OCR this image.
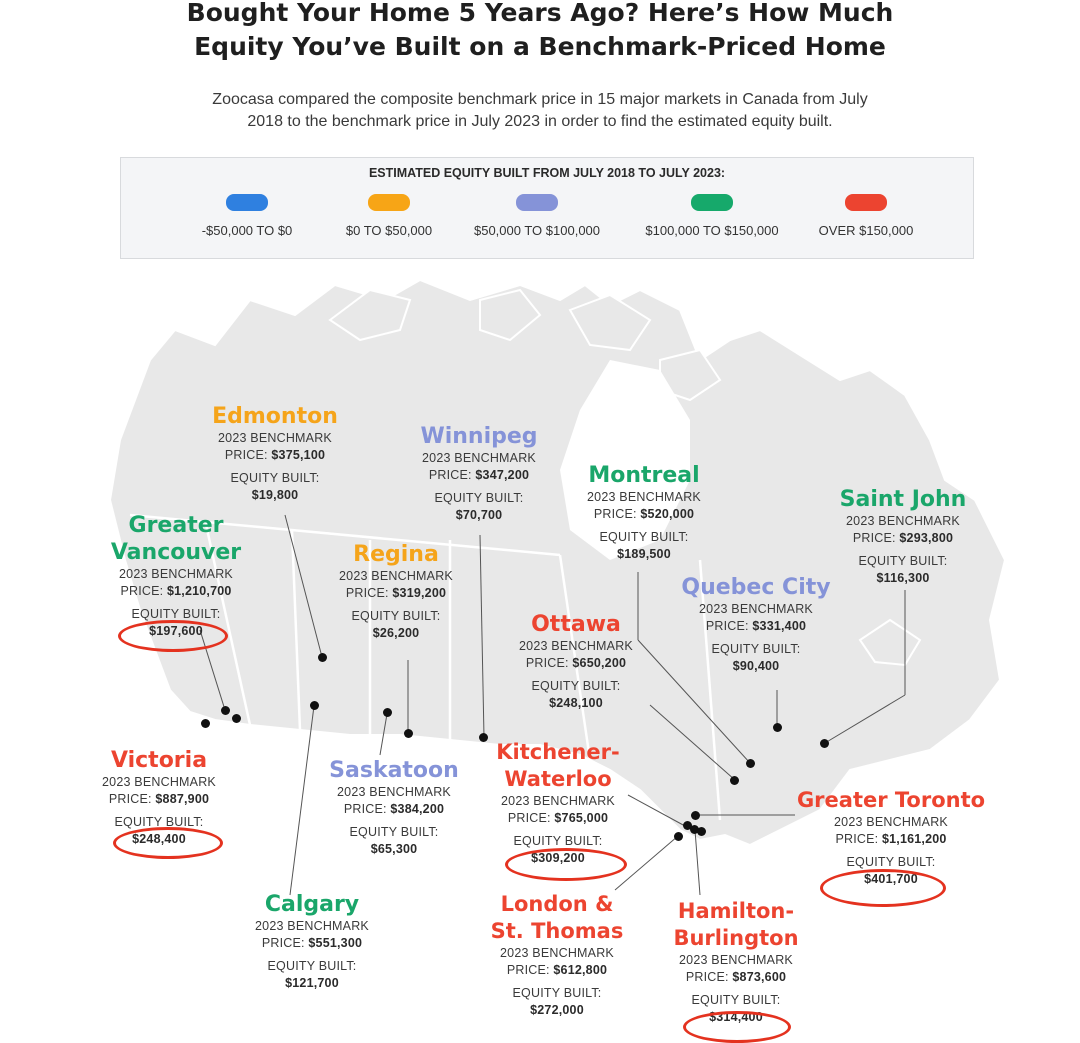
Bought Your Home 5 Years Ago? Here’s How Much
Equity You’ve Built on a Benchmark-Priced Home
Zoocasa compared the composite benchmark price in 15 major markets in Canada from July
2018 to the benchmark price in July 2023 in order to find the estimated equity built.
ESTIMATED EQUITY BUILT FROM JULY 2018 TO JULY 2023:
-$50,000 TO $0	$0 TO $50,000	$50,000 TO $100,000	$100,000 TO $150,000	OVER $150,000
Edmonton
2023 BENCHMARK
PRICE: $375,100
EQUITY BUILT:
$19,800
Winnipeg
2023 BENCHMARK
PRICE: $347,200
EQUITY BUILT:
$70,700
Montreal
2023 BENCHMARK
PRICE: $520,000
EQUITY BUILT:
$189,500
Saint John
2023 BENCHMARK
PRICE: $293,800
EQUITY BUILT:
$116,300
Greater
Vancouver
2023 BENCHMARK
PRICE: $1,210,700
EQUITY BUILT:
$197,600
Regina
2023 BENCHMARK
PRICE: $319,200
EQUITY BUILT:
$26,200
Quebec City
2023 BENCHMARK
PRICE: $331,400
EQUITY BUILT:
$90,400
Ottawa
2023 BENCHMARK
PRICE: $650,200
EQUITY BUILT:
$248,100
Victoria
2023 BENCHMARK
PRICE: $887,900
EQUITY BUILT:
$248,400
Saskatoon
2023 BENCHMARK
PRICE: $384,200
EQUITY BUILT:
$65,300
Kitchener-
Waterloo
2023 BENCHMARK
PRICE: $765,000
EQUITY BUILT:
$309,200
Greater Toronto
2023 BENCHMARK
PRICE: $1,161,200
EQUITY BUILT:
$401,700
Calgary
2023 BENCHMARK
PRICE: $551,300
EQUITY BUILT:
$121,700
London &
St. Thomas
2023 BENCHMARK
PRICE: $612,800
EQUITY BUILT:
$272,000
Hamilton-
Burlington
2023 BENCHMARK
PRICE: $873,600
EQUITY BUILT:
$314,400
